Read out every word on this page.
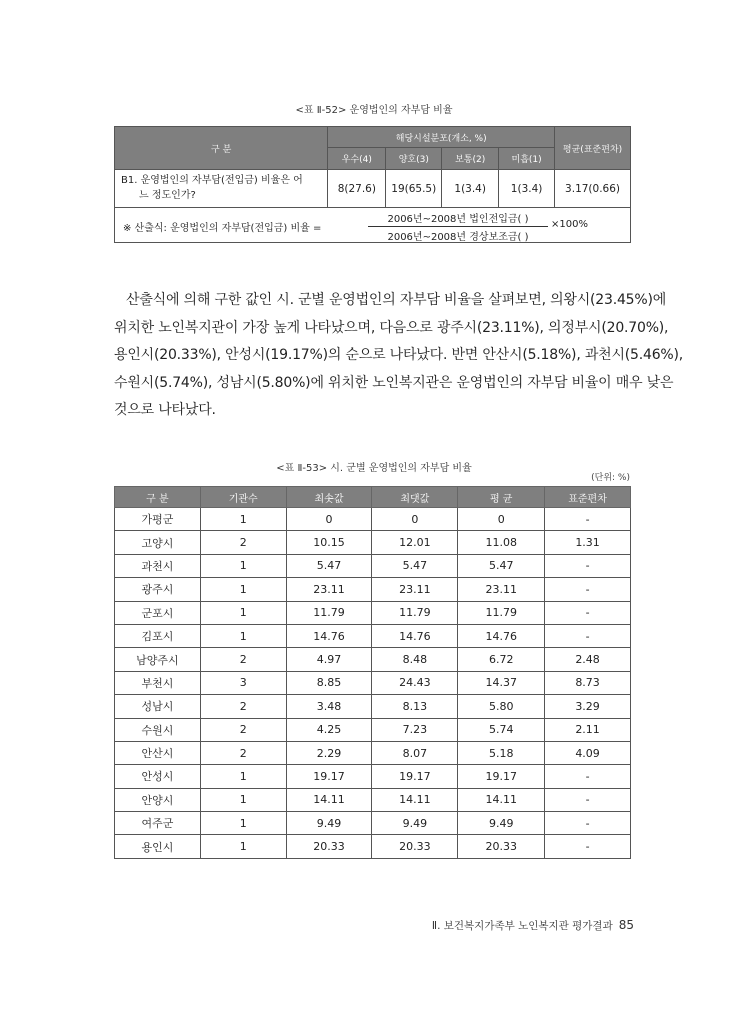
<표 Ⅱ-52> 운영법인의 자부담 비율
구 분	해당시설분포(개소, %)				평균(표준편차)
	우수(4)	양호(3)	보통(2)	미흡(1)	

B1. 운영법인의 자부담(전입금) 비율은 어
느 정도인가?	8(27.6)	19(65.5)	1(3.4)	1(3.4)	3.17(0.66)

※ 산출식: 운영법인의 자부담(전입금) 비율 =
2006년~2008년 법인전입금( )
2006년~2008년 경상보조금( )
×100%					
산출식에 의해 구한 값인 시. 군별 운영법인의 자부담 비율을 살펴보면, 의왕시(23.45%)에
위치한 노인복지관이 가장 높게 나타났으며, 다음으로 광주시(23.11%), 의정부시(20.70%),
용인시(20.33%), 안성시(19.17%)의 순으로 나타났다. 반면 안산시(5.18%), 과천시(5.46%),
수원시(5.74%), 성남시(5.80%)에 위치한 노인복지관은 운영법인의 자부담 비율이 매우 낮은
것으로 나타났다.
<표 Ⅱ-53> 시. 군별 운영법인의 자부담 비율
(단위: %)
구 분	기관수	최솟값	최댓값	평 균	표준편차
가평군	1	0	0	0	-
고양시	2	10.15	12.01	11.08	1.31
과천시	1	5.47	5.47	5.47	-
광주시	1	23.11	23.11	23.11	-
군포시	1	11.79	11.79	11.79	-
김포시	1	14.76	14.76	14.76	-
남양주시	2	4.97	8.48	6.72	2.48
부천시	3	8.85	24.43	14.37	8.73
성남시	2	3.48	8.13	5.80	3.29
수원시	2	4.25	7.23	5.74	2.11
안산시	2	2.29	8.07	5.18	4.09
안성시	1	19.17	19.17	19.17	-
안양시	1	14.11	14.11	14.11	-
여주군	1	9.49	9.49	9.49	-
용인시	1	20.33	20.33	20.33	-
Ⅱ. 보건복지가족부 노인복지관 평가결과 85
